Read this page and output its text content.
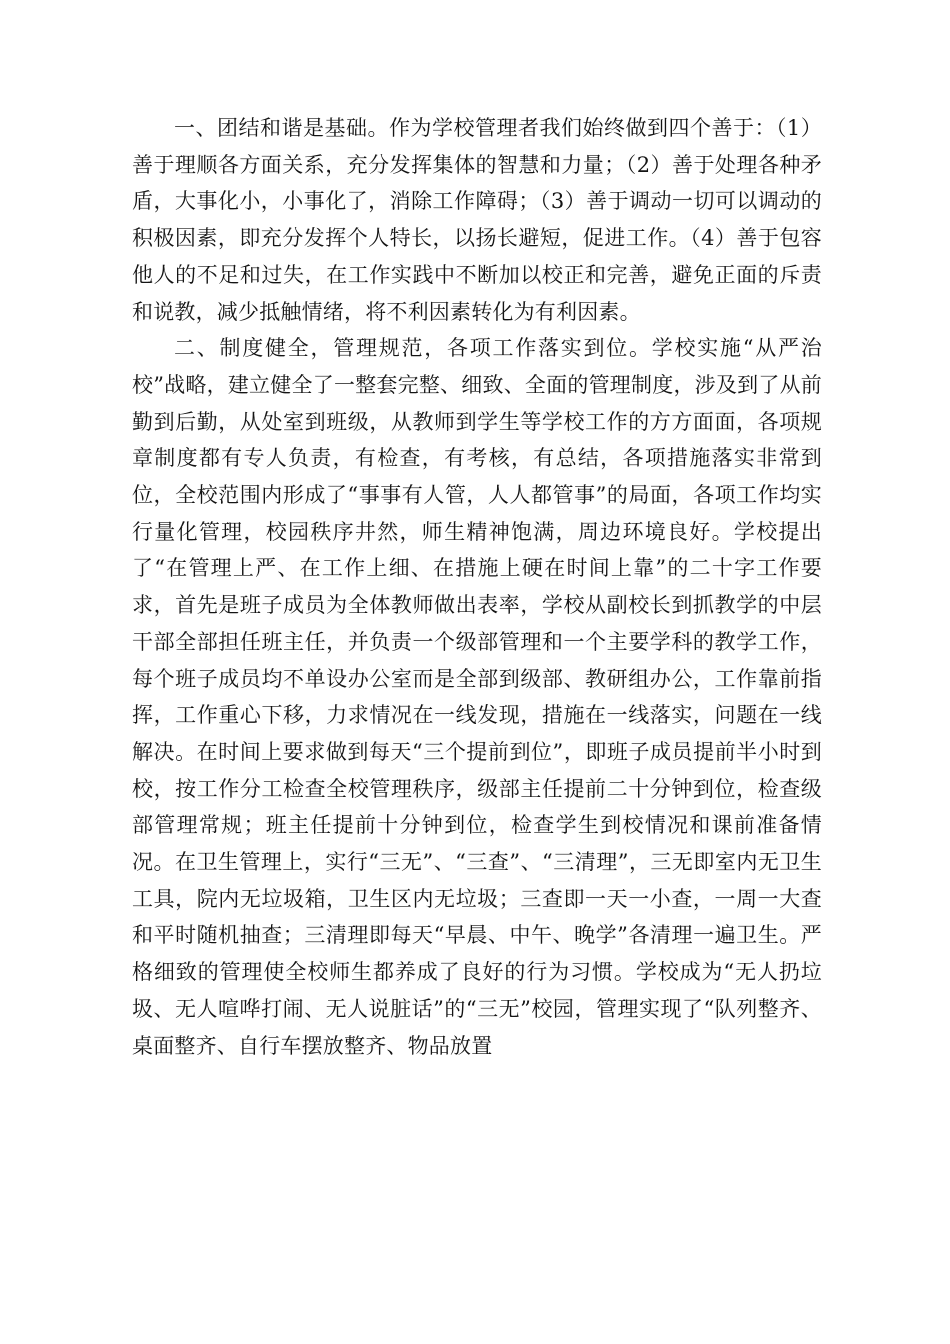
一、团结和谐是基础。作为学校管理者我们始终做到四个善于：（1）善于理顺各方面关系，充分发挥集体的智慧和力量；（2）善于处理各种矛盾，大事化小，小事化了，消除工作障碍；（3）善于调动一切可以调动的积极因素，即充分发挥个人特长，以扬长避短，促进工作。（4）善于包容他人的不足和过失，在工作实践中不断加以校正和完善，避免正面的斥责和说教，减少抵触情绪，将不利因素转化为有利因素。

二、制度健全，管理规范，各项工作落实到位。学校实施“从严治校”战略，建立健全了一整套完整、细致、全面的管理制度，涉及到了从前勤到后勤，从处室到班级，从教师到学生等学校工作的方方面面，各项规章制度都有专人负责，有检查，有考核，有总结，各项措施落实非常到位，全校范围内形成了“事事有人管，人人都管事”的局面，各项工作均实行量化管理，校园秩序井然，师生精神饱满，周边环境良好。学校提出了“在管理上严、在工作上细、在措施上硬在时间上靠”的二十字工作要求，首先是班子成员为全体教师做出表率，学校从副校长到抓教学的中层干部全部担任班主任，并负责一个级部管理和一个主要学科的教学工作，每个班子成员均不单设办公室而是全部到级部、教研组办公，工作靠前指挥，工作重心下移，力求情况在一线发现，措施在一线落实，问题在一线解决。在时间上要求做到每天“三个提前到位”，即班子成员提前半小时到校，按工作分工检查全校管理秩序，级部主任提前二十分钟到位，检查级部管理常规；班主任提前十分钟到位，检查学生到校情况和课前准备情况。在卫生管理上，实行“三无”、“三查”、“三清理”，三无即室内无卫生工具，院内无垃圾箱，卫生区内无垃圾；三查即一天一小查，一周一大查和平时随机抽查；三清理即每天“早晨、中午、晚学”各清理一遍卫生。严格细致的管理使全校师生都养成了良好的行为习惯。学校成为“无人扔垃圾、无人喧哗打闹、无人说脏话”的“三无”校园，管理实现了“队列整齐、桌面整齐、自行车摆放整齐、物品放置
